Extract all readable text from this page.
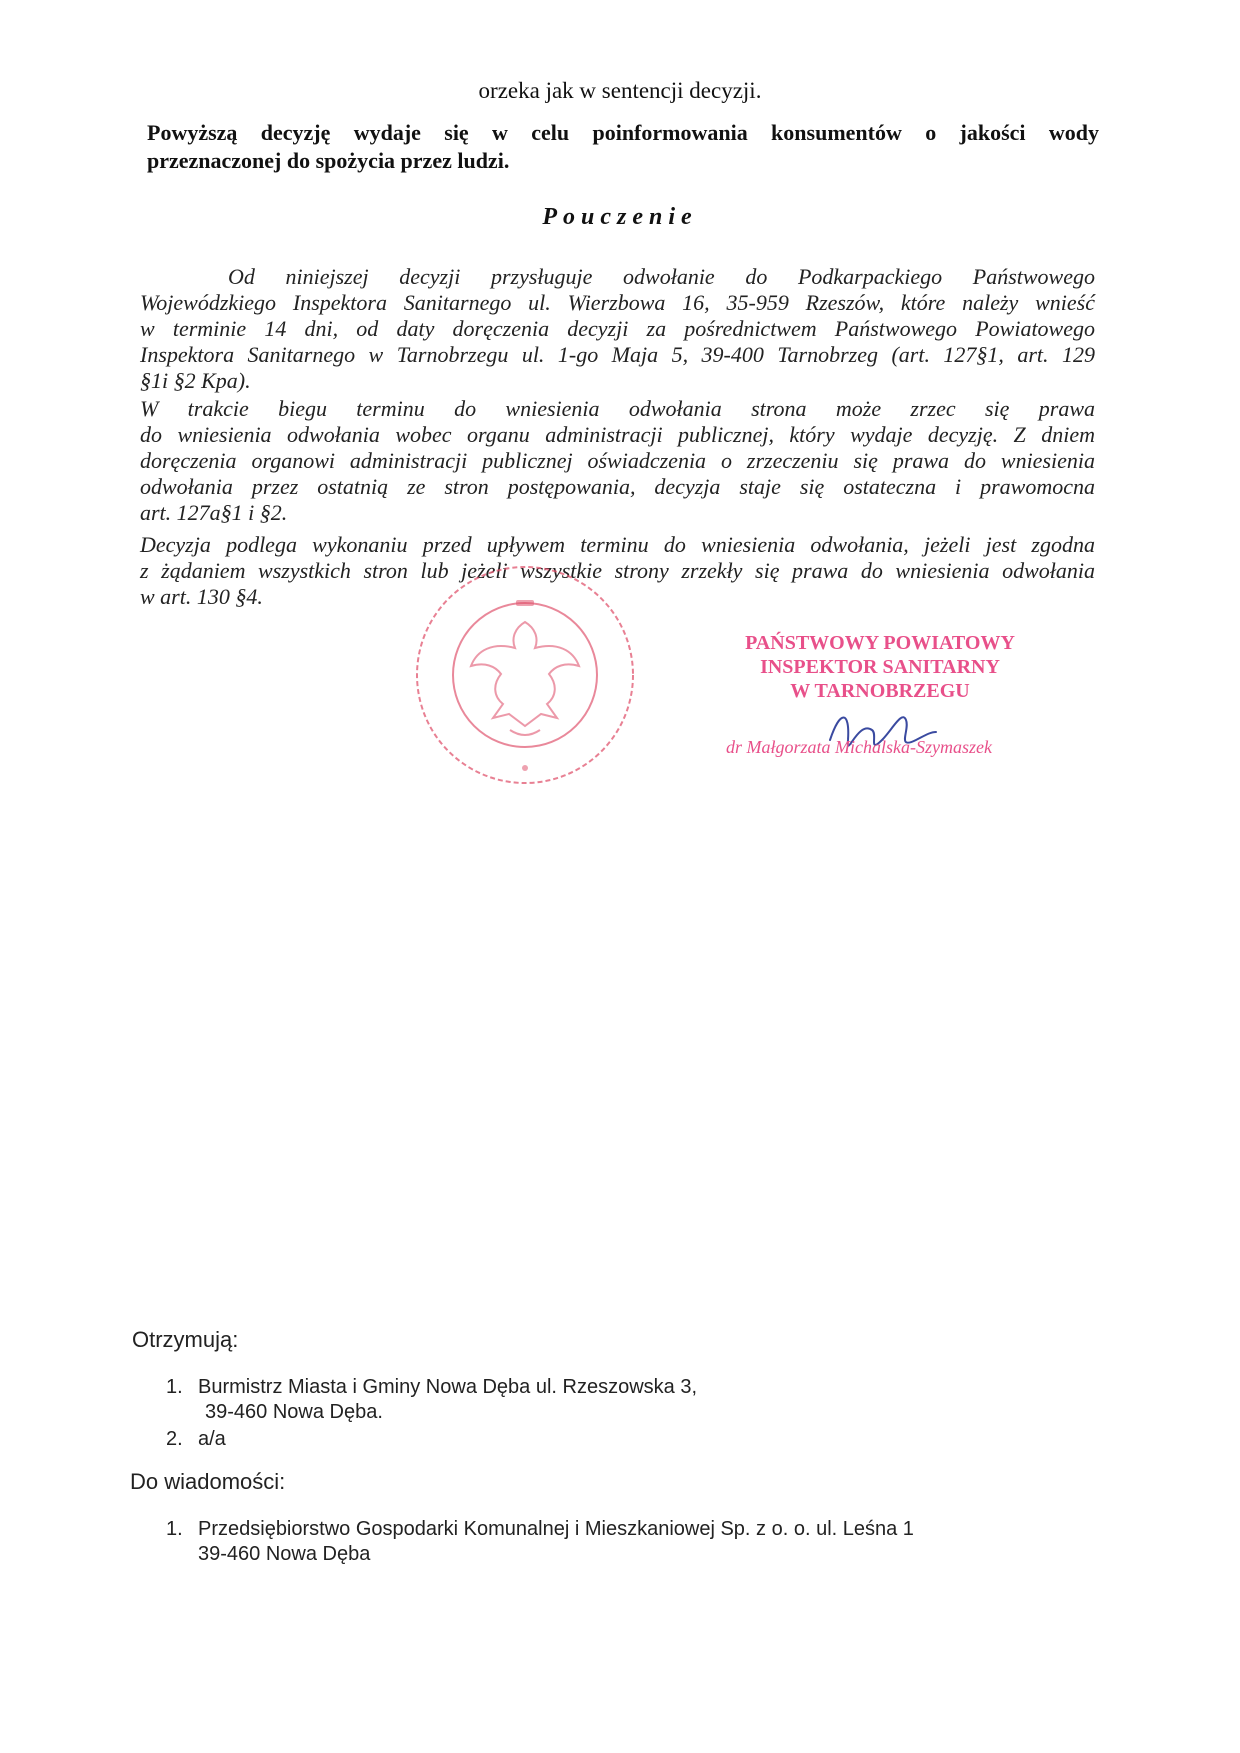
orzeka jak w sentencji decyzji.
Powyższą decyzję wydaje się w celu poinformowania konsumentów o jakości wody
przeznaczonej do spożycia przez ludzi.
Pouczenie
Od niniejszej decyzji przysługuje odwołanie do Podkarpackiego Państwowego
Wojewódzkiego Inspektora Sanitarnego ul. Wierzbowa 16, 35-959 Rzeszów, które należy wnieść
w terminie 14 dni, od daty doręczenia decyzji za pośrednictwem Państwowego Powiatowego
Inspektora Sanitarnego w Tarnobrzegu ul. 1-go Maja 5, 39-400 Tarnobrzeg (art. 127§1, art. 129
§1i §2 Kpa).
W trakcie biegu terminu do wniesienia odwołania strona może zrzec się prawa
do wniesienia odwołania wobec organu administracji publicznej, który wydaje decyzję. Z dniem
doręczenia organowi administracji publicznej oświadczenia o zrzeczeniu się prawa do wniesienia
odwołania przez ostatnią ze stron postępowania, decyzja staje się ostateczna i prawomocna
art. 127a§1 i §2.
Decyzja podlega wykonaniu przed upływem terminu do wniesienia odwołania, jeżeli jest zgodna
z żądaniem wszystkich stron lub jeżeli wszystkie strony zrzekły się prawa do wniesienia odwołania
w art. 130 §4.
PAŃSTWOWY POWIATOWY
INSPEKTOR SANITARNY
W TARNOBRZEGU
dr Małgorzata Michalska-Szymaszek
Otrzymują:
1. Burmistrz Miasta i Gminy Nowa Dęba ul. Rzeszowska 3,
39-460 Nowa Dęba.
2. a/a
Do wiadomości:
1. Przedsiębiorstwo Gospodarki Komunalnej i Mieszkaniowej Sp. z o. o. ul. Leśna 1
39-460 Nowa Dęba
